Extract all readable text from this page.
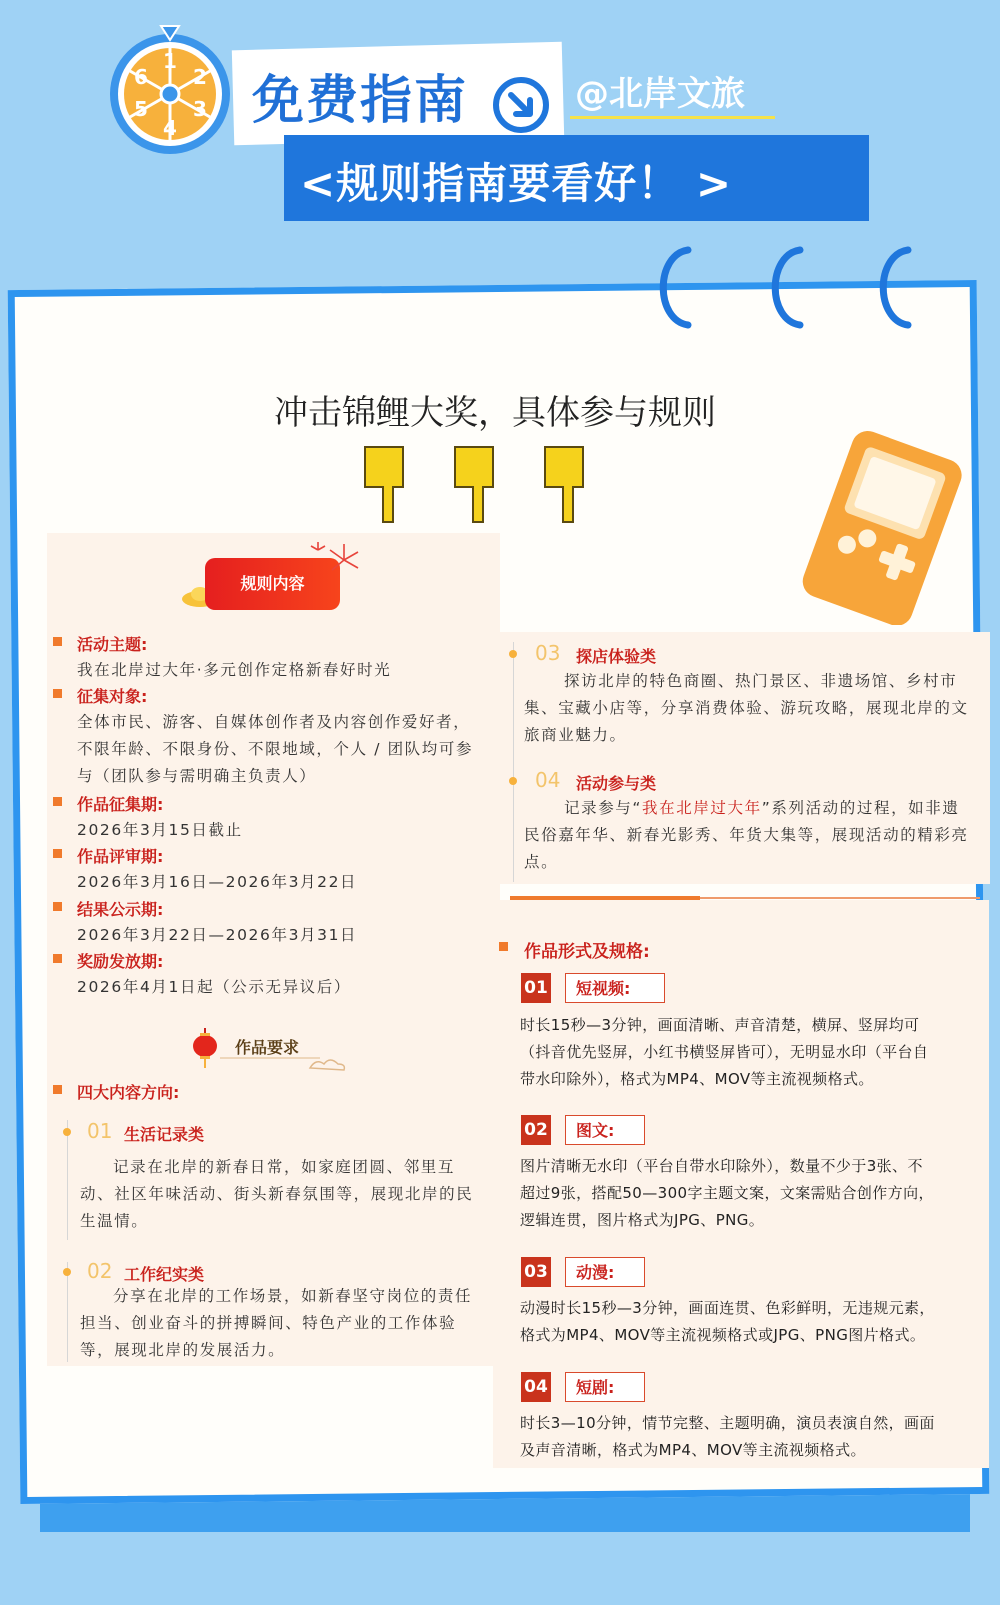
1
2
3
4
5
6 免费指南	@北岸文旅
<规则指南要看好！ >
冲击锦鲤大奖，具体参与规则
规则内容
活动主题:
我在北岸过大年·多元创作定格新春好时光
征集对象:
全体市民、游客、自媒体创作者及内容创作爱好者，不限年龄、不限身份、不限地域，个人 / 团队均可参与（团队参与需明确主负责人）
作品征集期:
2026年3月15日截止
作品评审期:
2026年3月16日—2026年3月22日
结果公示期:
2026年3月22日—2026年3月31日
奖励发放期:
2026年4月1日起（公示无异议后）
作品要求
四大内容方向:
01 生活记录类
记录在北岸的新春日常，如家庭团圆、邻里互动、社区年味活动、街头新春氛围等，展现北岸的民生温情。
02 工作纪实类
分享在北岸的工作场景，如新春坚守岗位的责任担当、创业奋斗的拼搏瞬间、特色产业的工作体验等，展现北岸的发展活力。
03 探店体验类
探访北岸的特色商圈、热门景区、非遗场馆、乡村市集、宝藏小店等，分享消费体验、游玩攻略，展现北岸的文旅商业魅力。
04 活动参与类
记录参与“我在北岸过大年”系列活动的过程，如非遗民俗嘉年华、新春光影秀、年货大集等，展现活动的精彩亮点。
作品形式及规格:
01	短视频:
时长15秒—3分钟，画面清晰、声音清楚，横屏、竖屏均可
（抖音优先竖屏，小红书横竖屏皆可），无明显水印（平台自
带水印除外），格式为MP4、MOV等主流视频格式。
02	图文:
图片清晰无水印（平台自带水印除外），数量不少于3张、不
超过9张，搭配50—300字主题文案，文案需贴合创作方向，
逻辑连贯，图片格式为JPG、PNG。
03	动漫:
动漫时长15秒—3分钟，画面连贯、色彩鲜明，无违规元素，
格式为MP4、MOV等主流视频格式或JPG、PNG图片格式。
04	短剧:
时长3—10分钟，情节完整、主题明确，演员表演自然，画面
及声音清晰，格式为MP4、MOV等主流视频格式。
